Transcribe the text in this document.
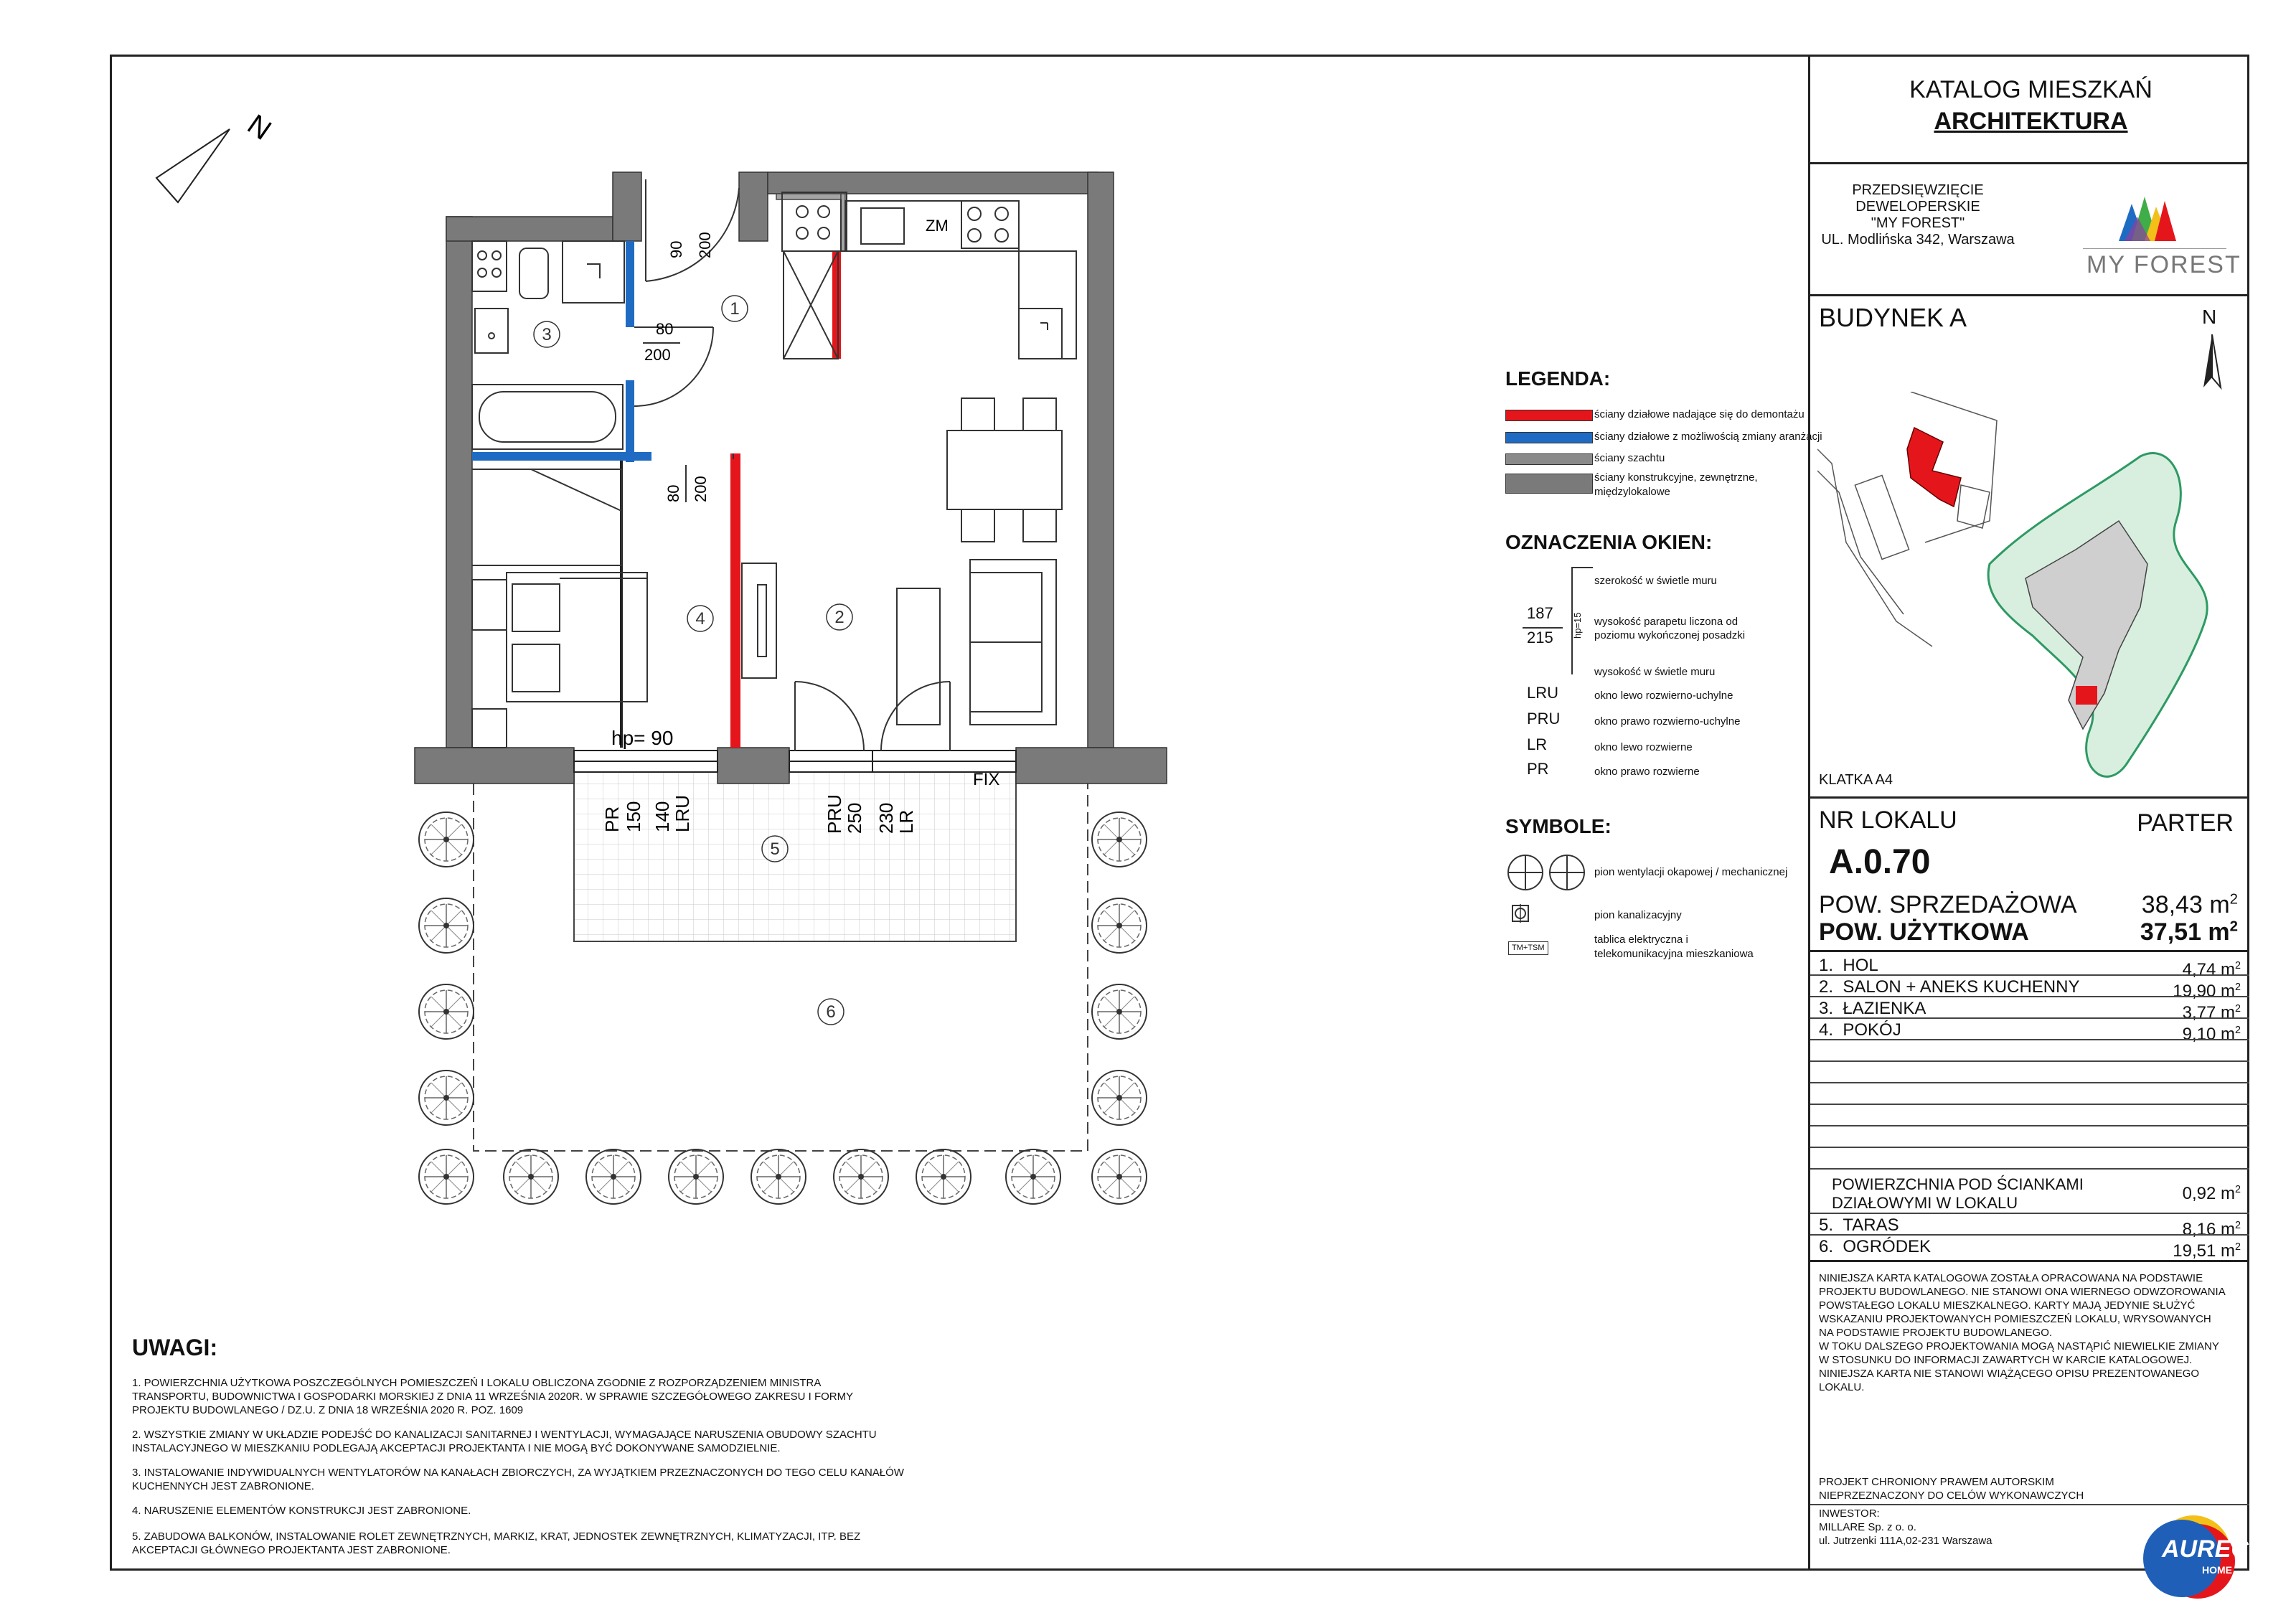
N
ZM
90 200
80
200
80 200
hp= 90
FIX
PR 150 140
LRU	PRU
250 230
LR
1
2
3
4
5
6
LEGENDA:
ściany działowe nadające się do demontażu
ściany działowe z możliwością zmiany aranżacji
ściany szachtu
ściany konstrukcyjne, zewnętrzne,
międzylokalowe
OZNACZENIA OKIEN:
szerokość w świetle muru
187
215 hp=15 wysokość parapetu liczona od
poziomu wykończonej posadzki
wysokość w świetle muru
LRU	okno lewo rozwierno-uchylne
PRU	okno prawo rozwierno-uchylne
LR	okno lewo rozwierne
PR	okno prawo rozwierne
SYMBOLE:
pion wentylacji okapowej / mechanicznej
pion kanalizacyjny
TM+TSM
tablica elektryczna i
telekomunikacyjna mieszkaniowa
UWAGI:
1. POWIERZCHNIA UŻYTKOWA POSZCZEGÓLNYCH POMIESZCZEŃ I LOKALU OBLICZONA ZGODNIE Z ROZPORZĄDZENIEM MINISTRA
TRANSPORTU, BUDOWNICTWA I GOSPODARKI MORSKIEJ Z DNIA 11 WRZEŚNIA 2020R. W SPRAWIE SZCZEGÓŁOWEGO ZAKRESU I FORMY
PROJEKTU BUDOWLANEGO / DZ.U. Z DNIA 18 WRZEŚNIA 2020 R. POZ. 1609
2. WSZYSTKIE ZMIANY W UKŁADZIE PODEJŚĆ DO KANALIZACJI SANITARNEJ I WENTYLACJI, WYMAGAJĄCE NARUSZENIA OBUDOWY SZACHTU
INSTALACYJNEGO W MIESZKANIU PODLEGAJĄ AKCEPTACJI PROJEKTANTA I NIE MOGĄ BYĆ DOKONYWANE SAMODZIELNIE.
3. INSTALOWANIE INDYWIDUALNYCH WENTYLATORÓW NA KANAŁACH ZBIORCZYCH, ZA WYJĄTKIEM PRZEZNACZONYCH DO TEGO CELU KANAŁÓW
KUCHENNYCH JEST ZABRONIONE.
4. NARUSZENIE ELEMENTÓW KONSTRUKCJI JEST ZABRONIONE.
5. ZABUDOWA BALKONÓW, INSTALOWANIE ROLET ZEWNĘTRZNYCH, MARKIZ, KRAT, JEDNOSTEK ZEWNĘTRZNYCH, KLIMATYZACJI, ITP. BEZ
AKCEPTACJI GŁÓWNEGO PROJEKTANTA JEST ZABRONIONE.
KATALOG MIESZKAŃ
ARCHITEKTURA
PRZEDSIĘWZIĘCIE
DEWELOPERSKIE
"MY FOREST"
UL. Modlińska 342, Warszawa
MY FOREST
BUDYNEK A	N
KLATKA A4
NR LOKALU	PARTER
A.0.70
POW. SPRZEDAŻOWA	38,43 $m^2$
POW. UŻYTKOWA	37,51 $m^2$
1. HOL	4,74 $m^2$
2. SALON + ANEKS KUCHENNY	19,90 $m^2$
3. ŁAZIENKA	3,77 $m^2$
4. POKÓJ	9,10 $m^2$
POWIERZCHNIA POD ŚCIANKAMI
DZIAŁOWYMI W LOKALU	0,92 $m^2$
5. TARAS	8,16 $m^2$
6. OGRÓDEK	19,51 $m^2$
NINIEJSZA KARTA KATALOGOWA ZOSTAŁA OPRACOWANA NA PODSTAWIE
PROJEKTU BUDOWLANEGO. NIE STANOWI ONA WIERNEGO ODWZOROWANIA
POWSTAŁEGO LOKALU MIESZKALNEGO. KARTY MAJĄ JEDYNIE SŁUŻYĆ
WSKAZANIU PROJEKTOWANYCH POMIESZCZEŃ LOKALU, WRYSOWANYCH
NA PODSTAWIE PROJEKTU BUDOWLANEGO.
W TOKU DALSZEGO PROJEKTOWANIA MOGĄ NASTĄPIĆ NIEWIELKIE ZMIANY
W STOSUNKU DO INFORMACJI ZAWARTYCH W KARCIE KATALOGOWEJ.
NINIEJSZA KARTA NIE STANOWI WIĄŻĄCEGO OPISU PREZENTOWANEGO
LOKALU.
PROJEKT CHRONIONY PRAWEM AUTORSKIM
NIEPRZEZNACZONY DO CELÓW WYKONAWCZYCH
INWESTOR:
MILLARE Sp. z o. o.
ul. Jutrzenki 111A,02-231 Warszawa	AUREC
HOME
